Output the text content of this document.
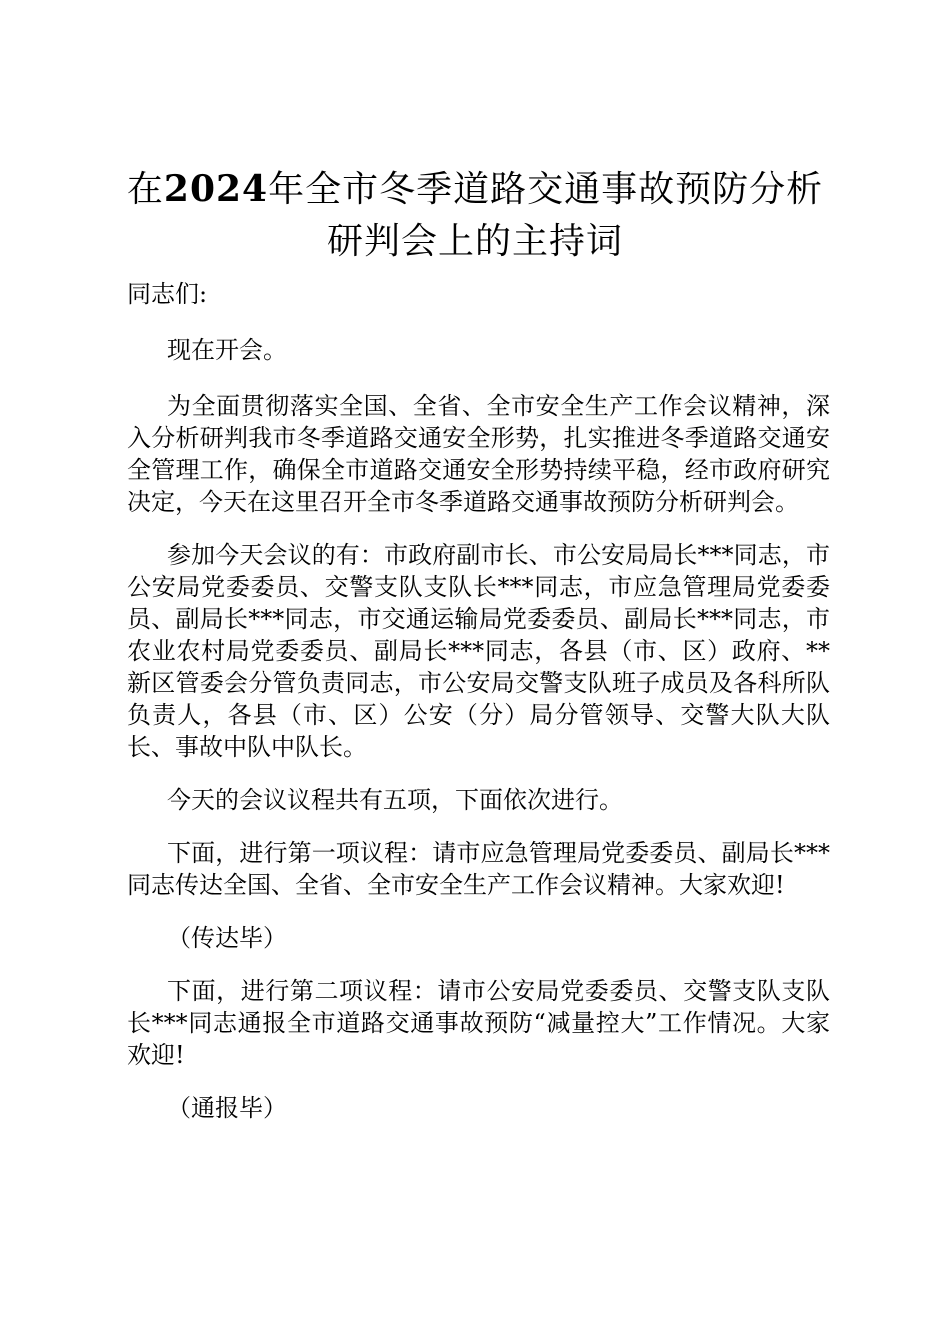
在2024年全市冬季道路交通事故预防分析研判会上的主持词

同志们:

现在开会。

为全面贯彻落实全国、全省、全市安全生产工作会议精神，深入分析研判我市冬季道路交通安全形势，扎实推进冬季道路交通安全管理工作，确保全市道路交通安全形势持续平稳，经市政府研究决定，今天在这里召开全市冬季道路交通事故预防分析研判会。

参加今天会议的有：市政府副市长、市公安局局长***同志，市公安局党委委员、交警支队支队长***同志，市应急管理局党委委员、副局长***同志，市交通运输局党委委员、副局长***同志，市农业农村局党委委员、副局长***同志，各县（市、区）政府、**新区管委会分管负责同志，市公安局交警支队班子成员及各科所队负责人，各县（市、区）公安（分）局分管领导、交警大队大队长、事故中队中队长。

今天的会议议程共有五项，下面依次进行。

下面，进行第一项议程：请市应急管理局党委委员、副局长***同志传达全国、全省、全市安全生产工作会议精神。大家欢迎!

（传达毕）

下面，进行第二项议程：请市公安局党委委员、交警支队支队长***同志通报全市道路交通事故预防“减量控大”工作情况。大家欢迎!

（通报毕）
